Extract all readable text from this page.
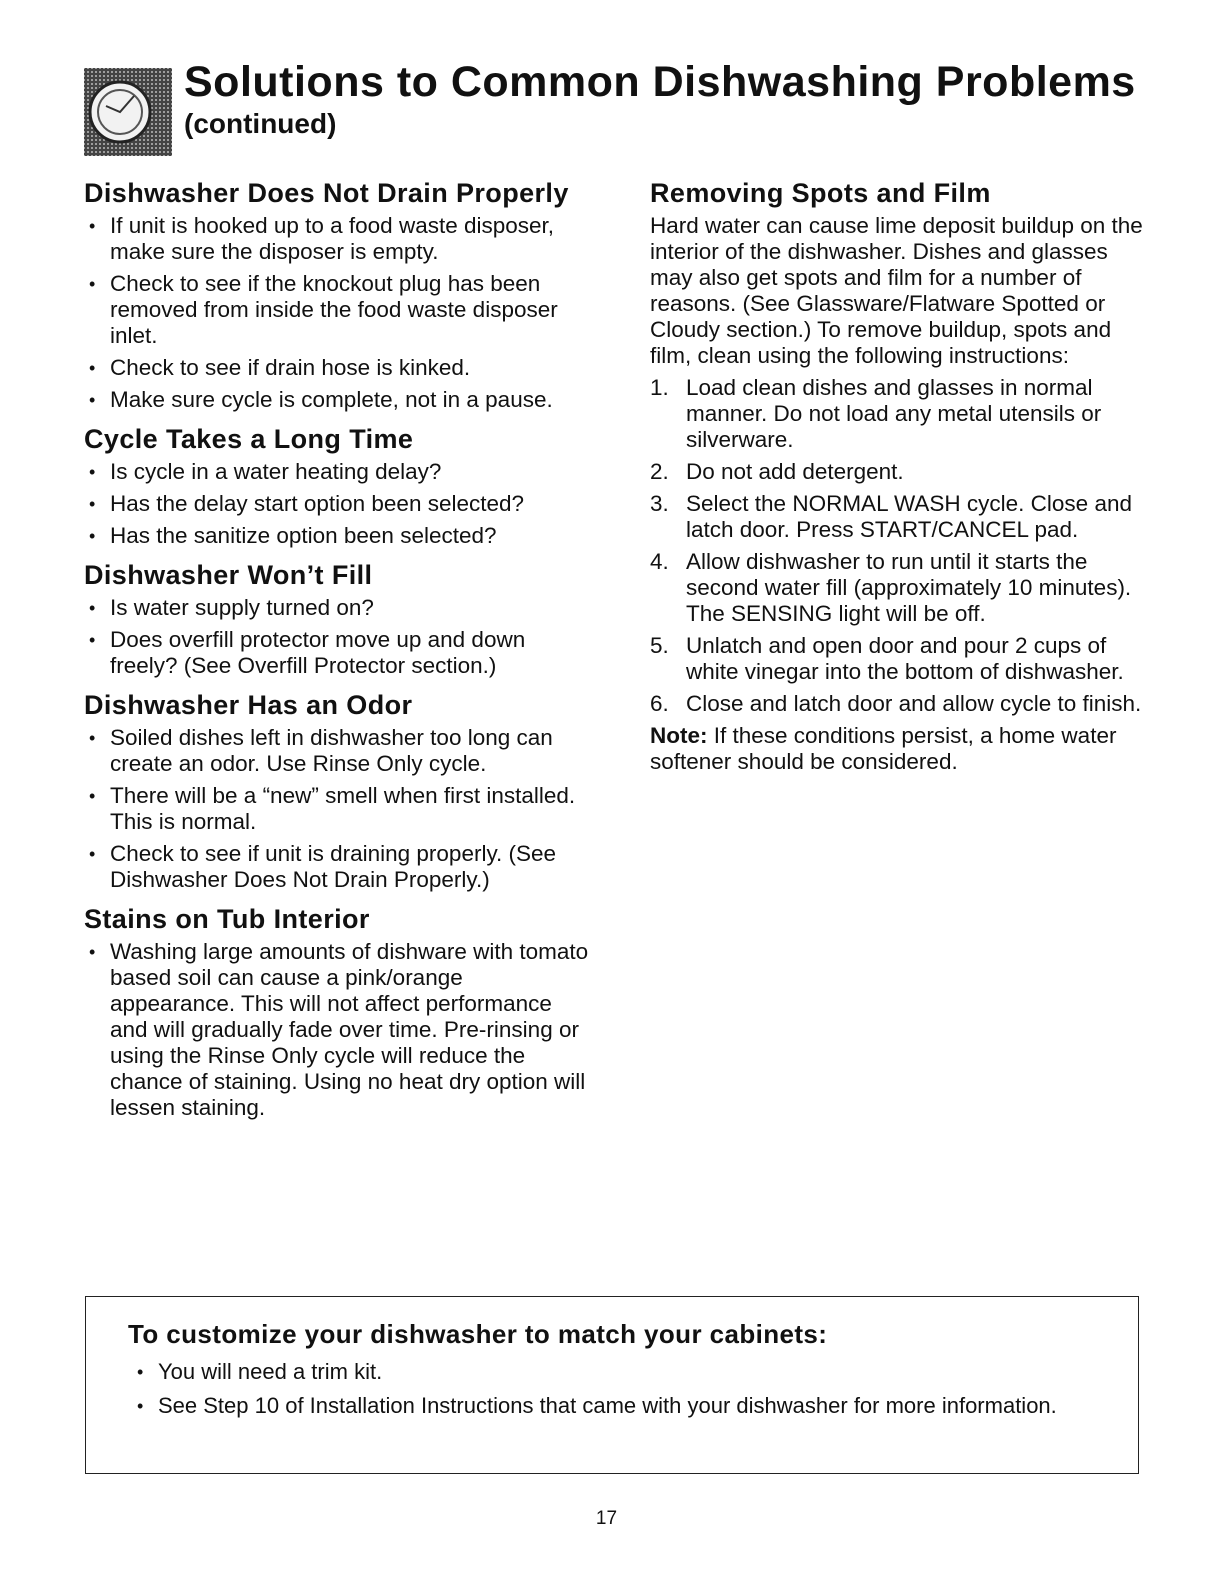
Solutions to Common Dishwashing Problems
(continued)
Dishwasher Does Not Drain Properly
• If unit is hooked up to a food waste disposer, make sure the disposer is empty.
• Check to see if the knockout plug has been removed from inside the food waste disposer inlet.
• Check to see if drain hose is kinked.
• Make sure cycle is complete, not in a pause.
Cycle Takes a Long Time
• Is cycle in a water heating delay?
• Has the delay start option been selected?
• Has the sanitize option been selected?
Dishwasher Won’t Fill
• Is water supply turned on?
• Does overfill protector move up and down freely? (See Overfill Protector section.)
Dishwasher Has an Odor
• Soiled dishes left in dishwasher too long can create an odor. Use Rinse Only cycle.
• There will be a “new” smell when first installed. This is normal.
• Check to see if unit is draining properly. (See Dishwasher Does Not Drain Properly.)
Stains on Tub Interior
• Washing large amounts of dishware with tomato based soil can cause a pink/orange appearance. This will not affect performance and will gradually fade over time. Pre-rinsing or using the Rinse Only cycle will reduce the chance of staining. Using no heat dry option will lessen staining.
Removing Spots and Film

Hard water can cause lime deposit buildup on the interior of the dishwasher. Dishes and glasses may also get spots and film for a number of reasons. (See Glassware/Flatware Spotted or Cloudy section.) To remove buildup, spots and film, clean using the following instructions:

1. Load clean dishes and glasses in normal manner. Do not load any metal utensils or silverware.
2. Do not add detergent.
3. Select the NORMAL WASH cycle. Close and latch door. Press START/CANCEL pad.
4. Allow dishwasher to run until it starts the second water fill (approximately 10 minutes). The SENSING light will be off.
5. Unlatch and open door and pour 2 cups of white vinegar into the bottom of dishwasher.
6. Close and latch door and allow cycle to finish.

Note: If these conditions persist, a home water softener should be considered.

To customize your dishwasher to match your cabinets:
• You will need a trim kit.
• See Step 10 of Installation Instructions that came with your dishwasher for more information.
17
